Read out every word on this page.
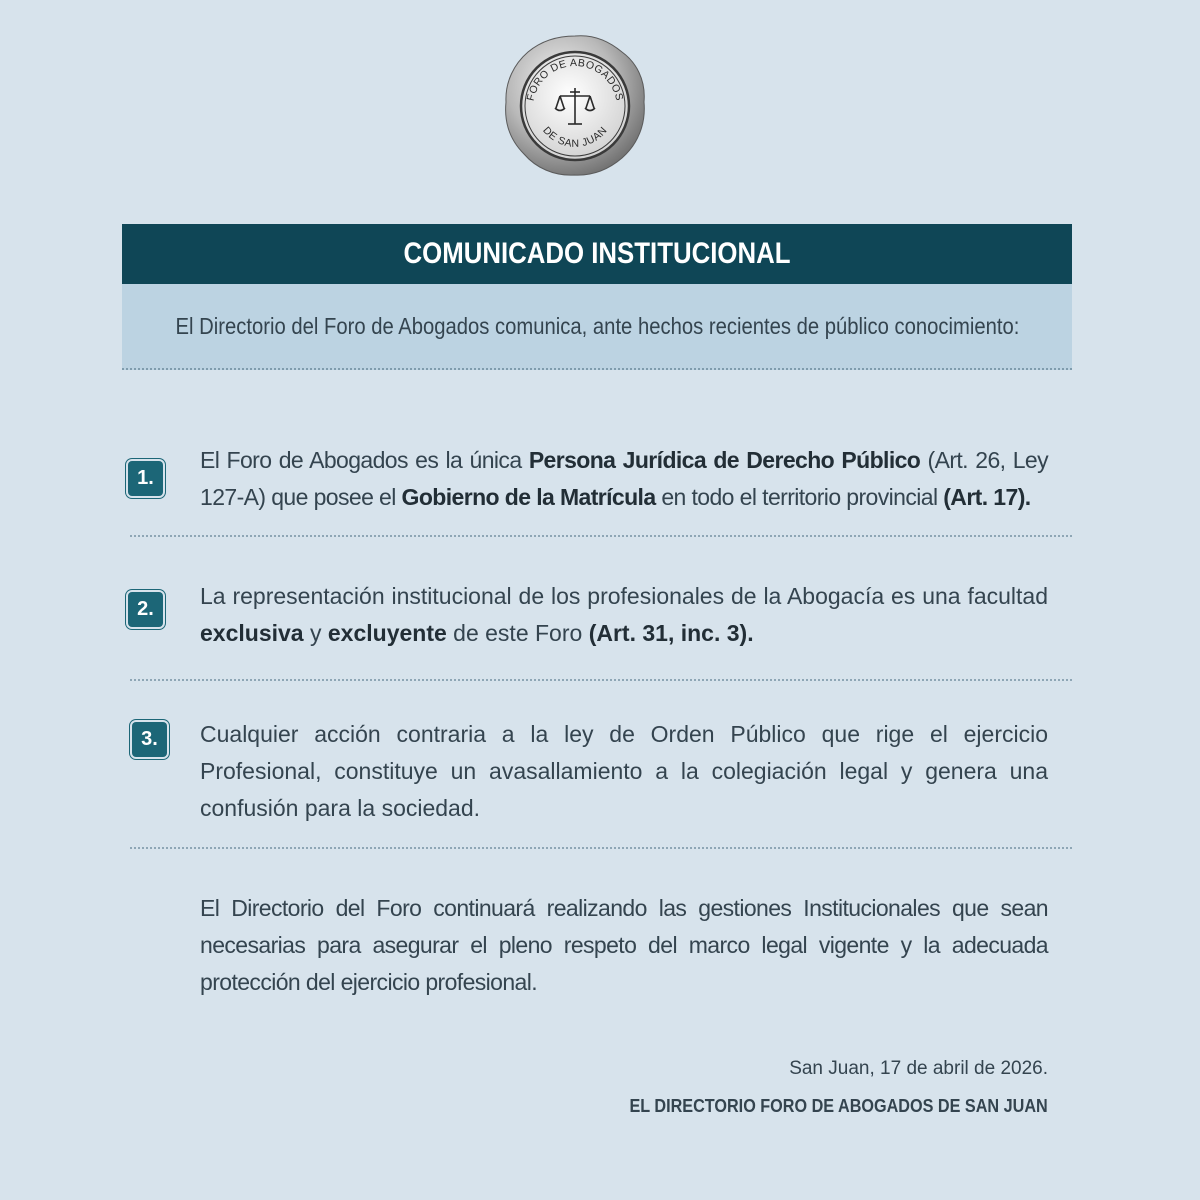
FORO DE ABOGADOS
DE SAN JUAN
COMUNICADO INSTITUCIONAL
El Directorio del Foro de Abogados comunica, ante hechos recientes de público conocimiento:
1.
El Foro de Abogados es la única Persona Jurídica de Derecho Público (Art. 26, Ley 127-A) que posee el Gobierno de la Matrícula en todo el territorio provincial (Art. 17).
2.	La representación institucional de los profesionales de la Abogacía es una facultad exclusiva y excluyente de este Foro (Art. 31, inc. 3).
3.	Cualquier acción contraria a la ley de Orden Público que rige el ejercicio Profesional, constituye un avasallamiento a la colegiación legal y genera una confusión para la sociedad.
El Directorio del Foro continuará realizando las gestiones Institucionales que sean necesarias para asegurar el pleno respeto del marco legal vigente y la adecuada protección del ejercicio profesional.
San Juan, 17 de abril de 2026.
EL DIRECTORIO FORO DE ABOGADOS DE SAN JUAN
